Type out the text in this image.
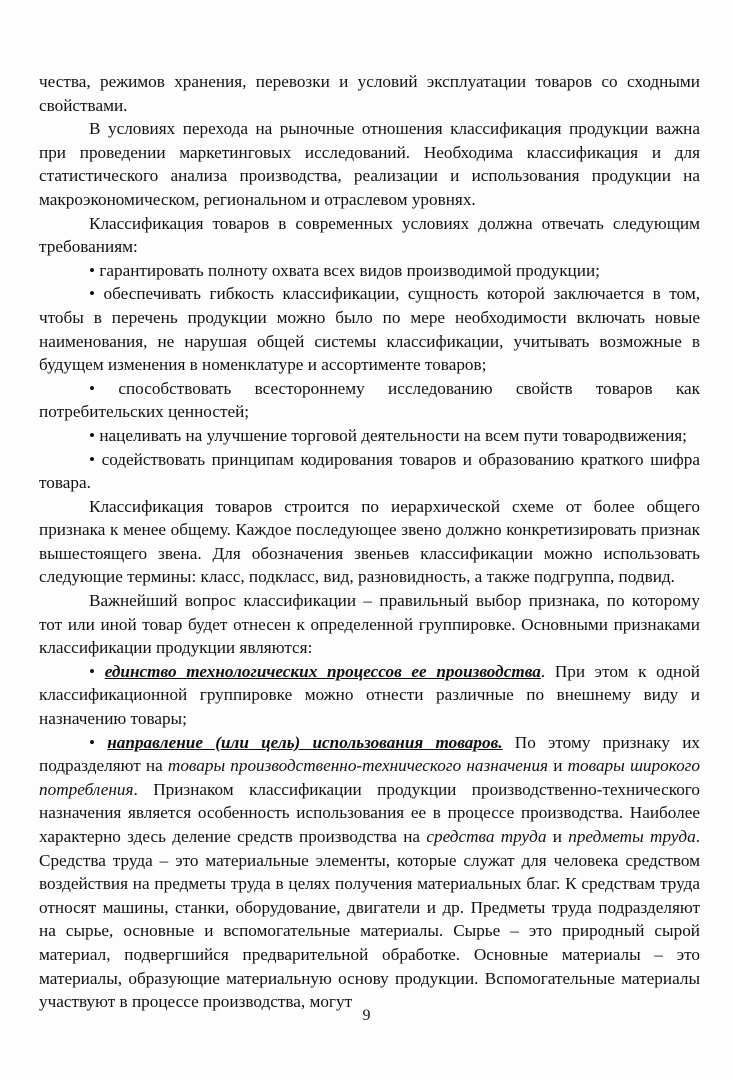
чества, режимов хранения, перевозки и условий эксплуатации товаров со сходными свойствами.

В условиях перехода на рыночные отношения классификация продукции важна при проведении маркетинговых исследований. Необходима классификация и для статистического анализа производства, реализации и использования продукции на макроэкономическом, региональном и отраслевом уровнях.

Классификация товаров в современных условиях должна отвечать следующим требованиям:

• гарантировать полноту охвата всех видов производимой продукции;

• обеспечивать гибкость классификации, сущность которой заключается в том, чтобы в перечень продукции можно было по мере необходимости включать новые наименования, не нарушая общей системы классификации, учитывать возможные в будущем изменения в номенклатуре и ассортименте товаров;

• способствовать всестороннему исследованию свойств товаров как потребительских ценностей;

• нацеливать на улучшение торговой деятельности на всем пути товародвижения;

• содействовать принципам кодирования товаров и образованию краткого шифра товара.

Классификация товаров строится по иерархической схеме от более общего признака к менее общему. Каждое последующее звено должно конкретизировать признак вышестоящего звена. Для обозначения звеньев классификации можно использовать следующие термины: класс, подкласс, вид, разновидность, а также подгруппа, подвид.

Важнейший вопрос классификации – правильный выбор признака, по которому тот или иной товар будет отнесен к определенной группировке. Основными признаками классификации продукции являются:

• единство технологических процессов ее производства. При этом к одной классификационной группировке можно отнести различные по внешнему виду и назначению товары;

• направление (или цель) использования товаров. По этому признаку их подразделяют на товары производственно-технического назначения и товары широкого потребления. Признаком классификации продукции производственно-технического назначения является особенность использования ее в процессе производства. Наиболее характерно здесь деление средств производства на средства труда и предметы труда. Средства труда – это материальные элементы, которые служат для человека средством воздействия на предметы труда в целях получения материальных благ. К средствам труда относят машины, станки, оборудование, двигатели и др. Предметы труда подразделяют на сырье, основные и вспомогательные материалы. Сырье – это природный сырой материал, подвергшийся предварительной обработке. Основные материалы – это материалы, образующие материальную основу продукции. Вспомогательные материалы участвуют в процессе производства, могут

9
